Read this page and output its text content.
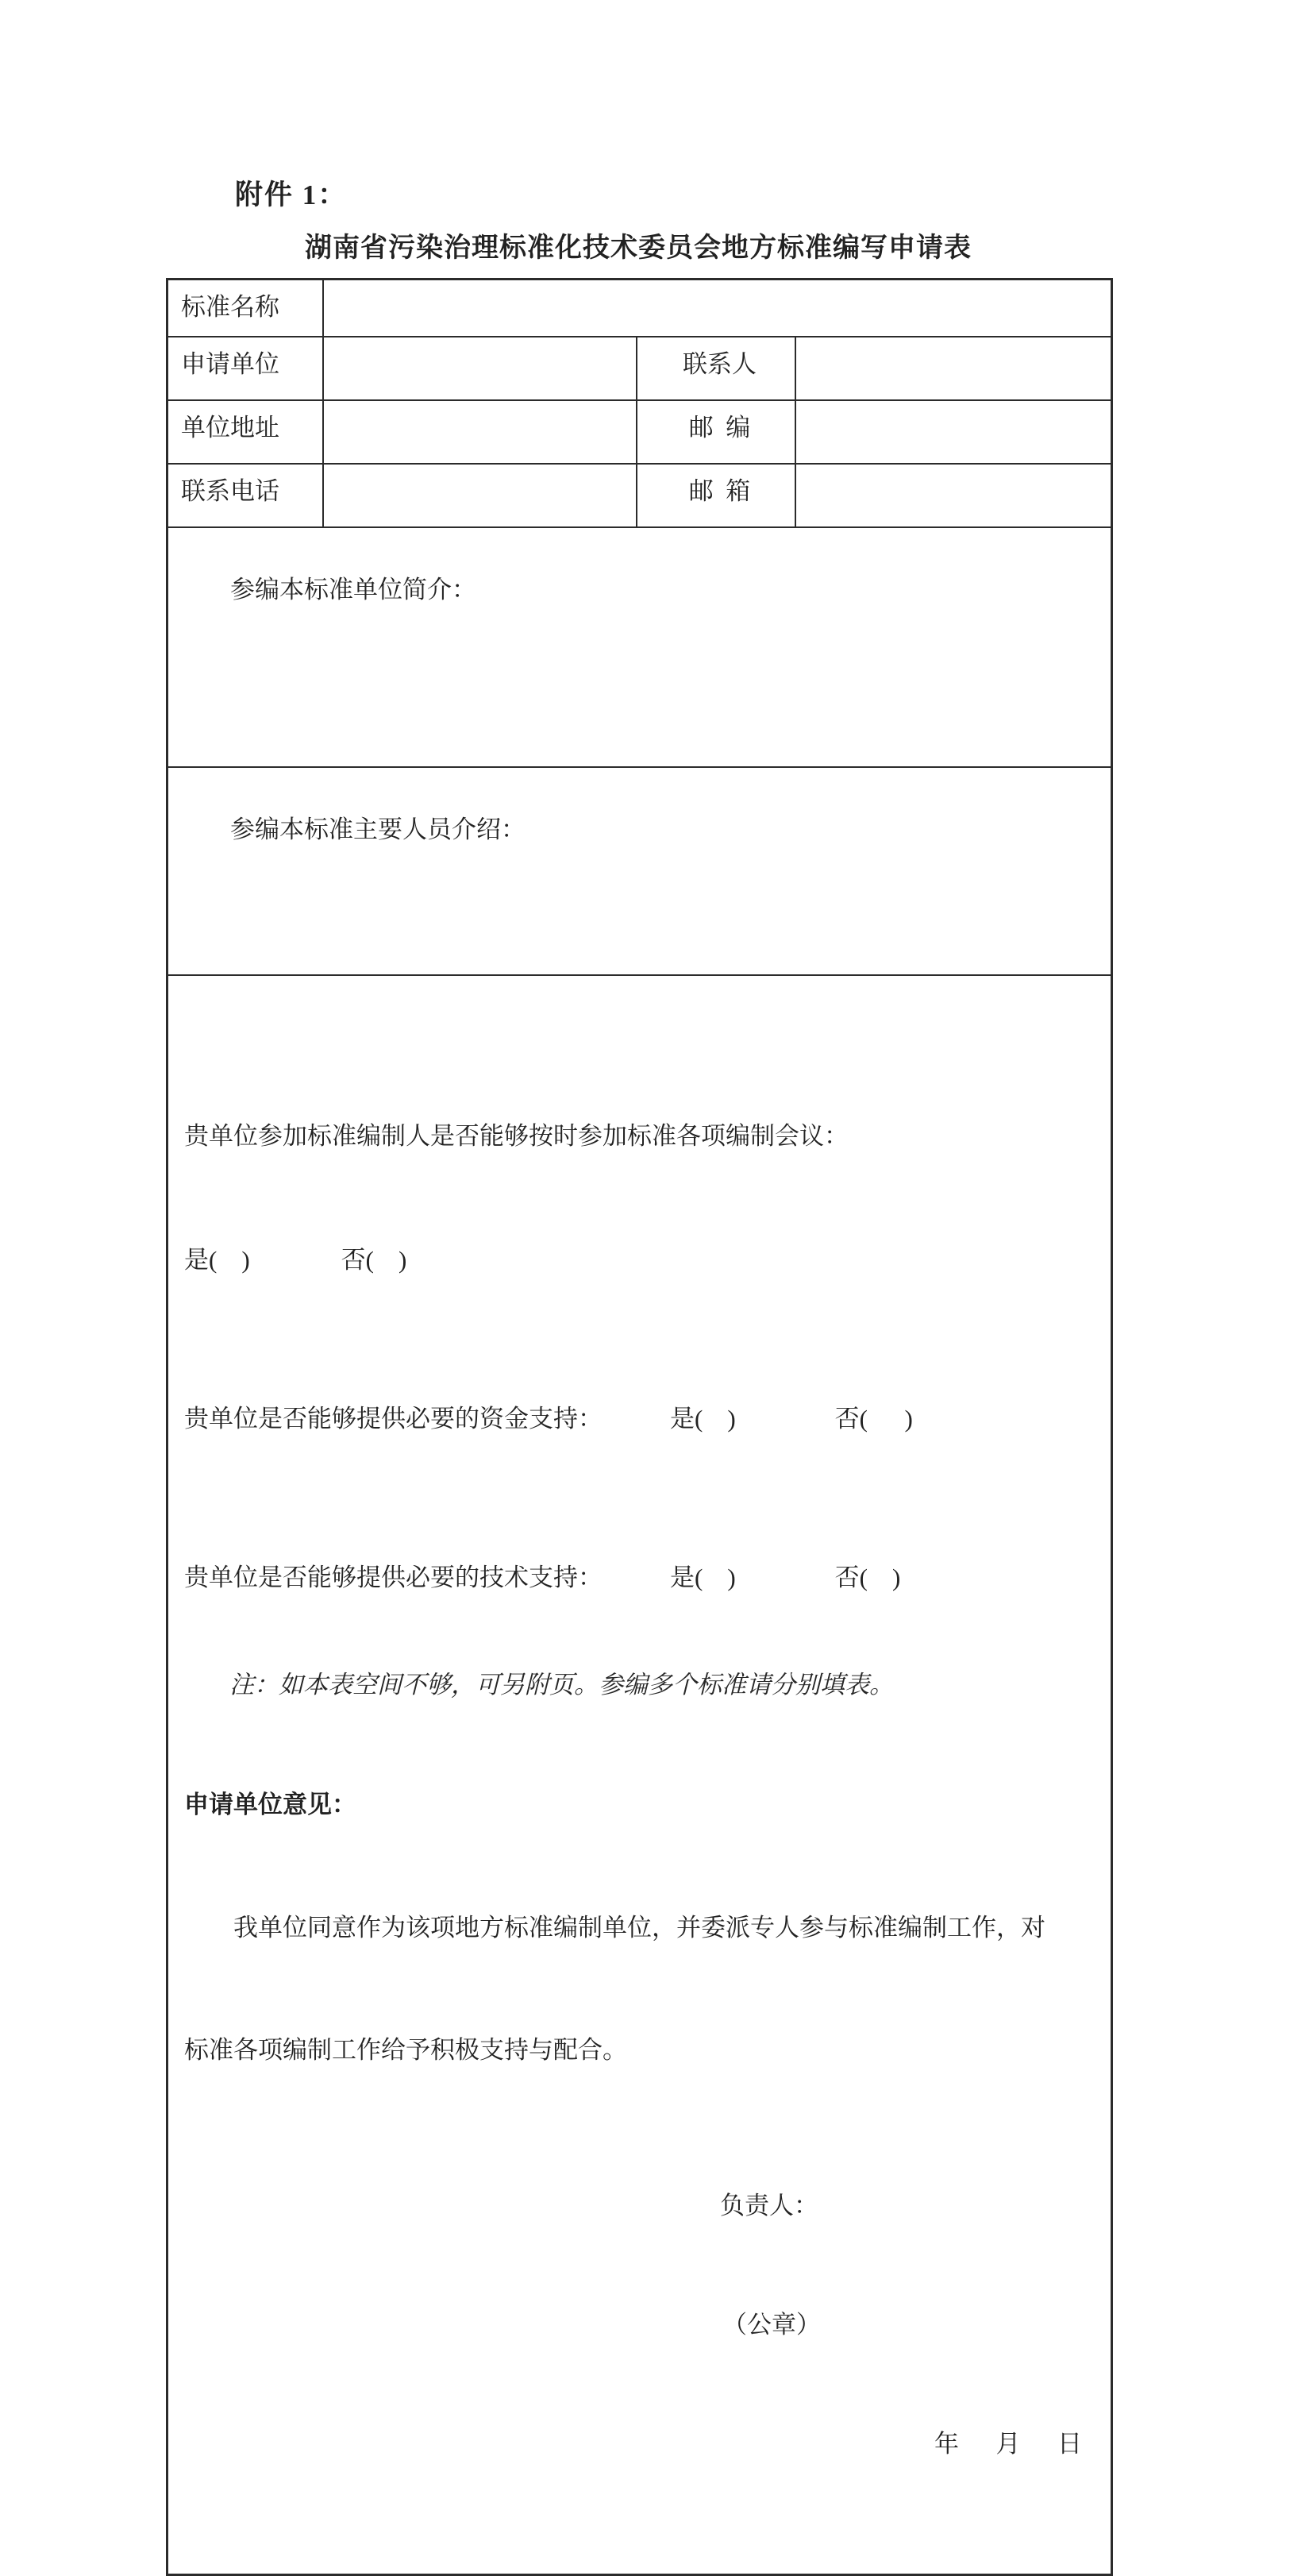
附件 1：
湖南省污染治理标准化技术委员会地方标准编写申请表
标准名称			
申请单位		联系人	
单位地址		邮  编	
联系电话		邮  箱	

参编本标准单位简介：			

参编本标准主要人员介绍：			

贵单位参加标准编制人是否能够按时参加标准各项编制会议：

是(    )	否(    )

贵单位是否能够提供必要的资金支持：	是(    )	否(      )

贵单位是否能够提供必要的技术支持：	是(    )	否(    )

申请单位意见：

我单位同意作为该项地方标准编制单位，并委派专人参与标准编制工作，对

标准各项编制工作给予积极支持与配合。

负责人：

（公章）

年      月      日

注：如本表空间不够，可另附页。参编多个标准请分别填表。
